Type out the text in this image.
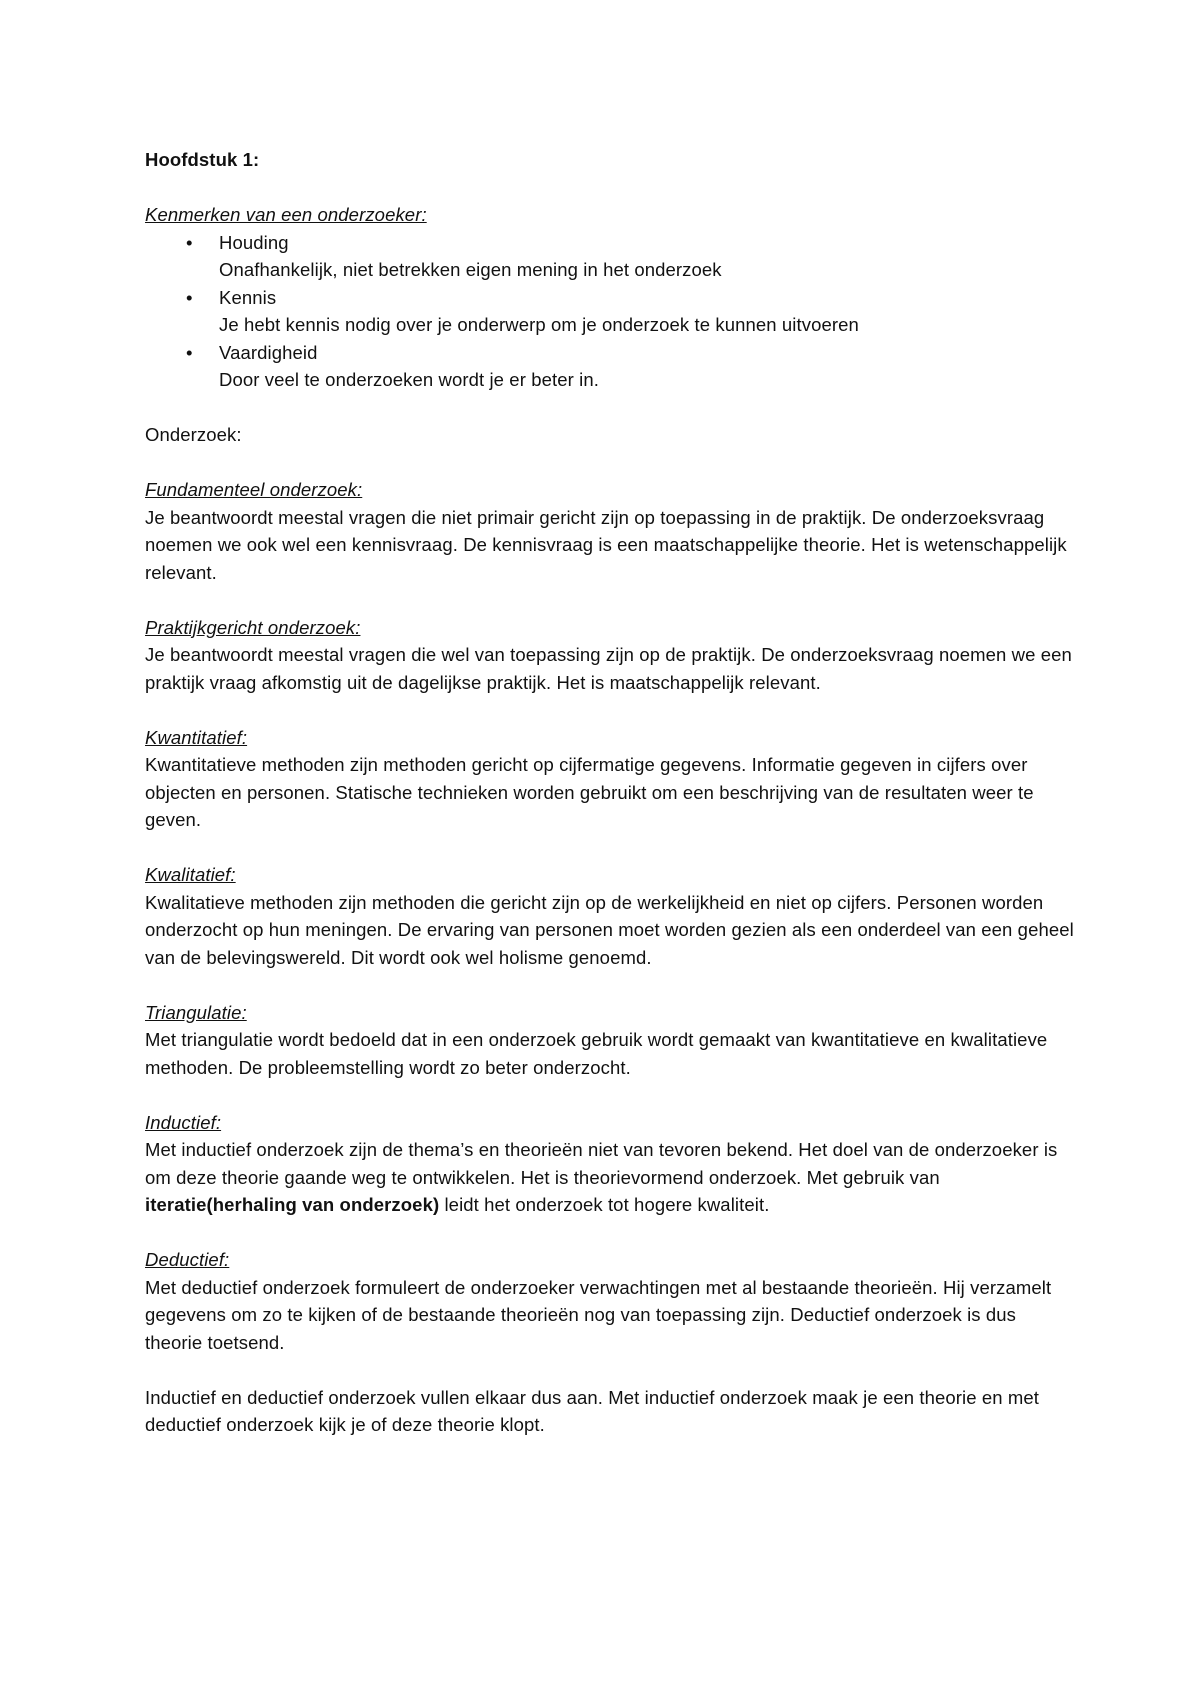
Hoofdstuk 1:

Kenmerken van een onderzoeker:

• Houding
Onafhankelijk, niet betrekken eigen mening in het onderzoek
• Kennis
Je hebt kennis nodig over je onderwerp om je onderzoek te kunnen uitvoeren
• Vaardigheid
Door veel te onderzoeken wordt je er beter in.

Onderzoek:

Fundamenteel onderzoek:

Je beantwoordt meestal vragen die niet primair gericht zijn op toepassing in de praktijk. De onderzoeksvraag noemen we ook wel een kennisvraag. De kennisvraag is een maatschappelijke theorie. Het is wetenschappelijk relevant.

Praktijkgericht onderzoek:

Je beantwoordt meestal vragen die wel van toepassing zijn op de praktijk. De onderzoeksvraag noemen we een praktijk vraag afkomstig uit de dagelijkse praktijk. Het is maatschappelijk relevant.

Kwantitatief:

Kwantitatieve methoden zijn methoden gericht op cijfermatige gegevens. Informatie gegeven in cijfers over objecten en personen. Statische technieken worden gebruikt om een beschrijving van de resultaten weer te geven.

Kwalitatief:

Kwalitatieve methoden zijn methoden die gericht zijn op de werkelijkheid en niet op cijfers. Personen worden onderzocht op hun meningen. De ervaring van personen moet worden gezien als een onderdeel van een geheel van de belevingswereld. Dit wordt ook wel holisme genoemd.

Triangulatie:

Met triangulatie wordt bedoeld dat in een onderzoek gebruik wordt gemaakt van kwantitatieve en kwalitatieve methoden. De probleemstelling wordt zo beter onderzocht.

Inductief:

Met inductief onderzoek zijn de thema’s en theorieën niet van tevoren bekend. Het doel van de onderzoeker is om deze theorie gaande weg te ontwikkelen. Het is theorievormend onderzoek. Met gebruik van iteratie(herhaling van onderzoek) leidt het onderzoek tot hogere kwaliteit.

Deductief:

Met deductief onderzoek formuleert de onderzoeker verwachtingen met al bestaande theorieën. Hij verzamelt gegevens om zo te kijken of de bestaande theorieën nog van toepassing zijn. Deductief onderzoek is dus theorie toetsend.

Inductief en deductief onderzoek vullen elkaar dus aan. Met inductief onderzoek maak je een theorie en met deductief onderzoek kijk je of deze theorie klopt.
